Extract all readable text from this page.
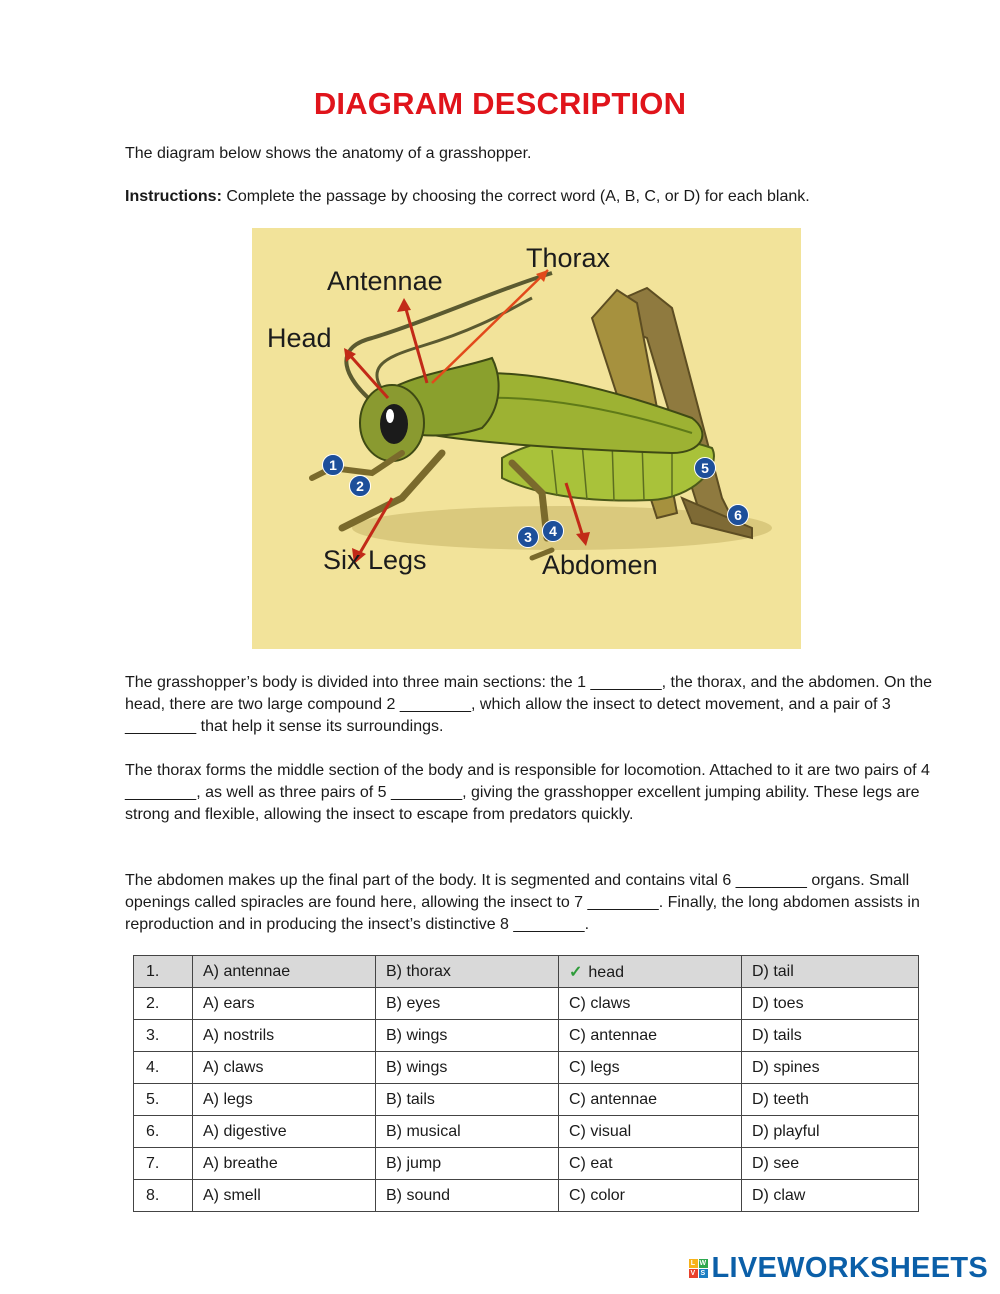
DIAGRAM DESCRIPTION
The diagram below shows the anatomy of a grasshopper.
Instructions: Complete the passage by choosing the correct word (A, B, C, or D) for each blank.
Thorax
Antennae
Head
Six Legs	Abdomen
1
2
3	4
5
6
The grasshopper’s body is divided into three main sections: the 1 ________, the thorax, and the abdomen. On the head, there are two large compound 2 ________, which allow the insect to detect movement, and a pair of 3 ________ that help it sense its surroundings.
The thorax forms the middle section of the body and is responsible for locomotion. Attached to it are two pairs of 4 ________, as well as three pairs of 5 ________, giving the grasshopper excellent jumping ability. These legs are strong and flexible, allowing the insect to escape from predators quickly.
The abdomen makes up the final part of the body. It is segmented and contains vital 6 ________ organs. Small openings called spiracles are found here, allowing the insect to 7 ________. Finally, the long abdomen assists in reproduction and in producing the insect’s distinctive 8 ________.
1.	A) antennae	B) thorax	✓ head	D) tail
2.	A) ears	B) eyes	C) claws	D) toes
3.	A) nostrils	B) wings	C) antennae	D) tails
4.	A) claws	B) wings	C) legs	D) spines
5.	A) legs	B) tails	C) antennae	D) teeth
6.	A) digestive	B) musical	C) visual	D) playful
7.	A) breathe	B) jump	C) eat	D) see
8.	A) smell	B) sound	C) color	D) claw
L W
V S LIVEWORKSHEETS
